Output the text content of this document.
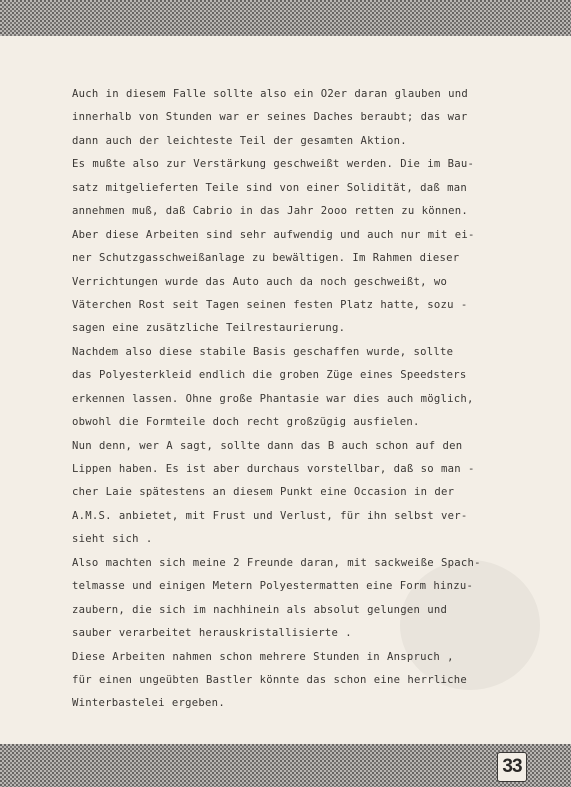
Auch in diesem Falle sollte also ein O2er daran glauben und
innerhalb von Stunden war er seines Daches beraubt; das war
dann auch der leichteste Teil der gesamten Aktion.
Es mußte also zur Verstärkung geschweißt werden. Die im Bau-
satz mitgelieferten Teile sind von einer Solidität, daß man
annehmen muß, daß Cabrio in das Jahr 2ooo retten zu können.
Aber diese Arbeiten sind sehr aufwendig und auch nur mit ei-
ner Schutzgasschweißanlage zu bewältigen. Im Rahmen dieser
Verrichtungen wurde das Auto auch da noch geschweißt, wo
Väterchen Rost seit Tagen seinen festen Platz hatte, sozu -
sagen eine zusätzliche Teilrestaurierung.
Nachdem also diese stabile Basis geschaffen wurde, sollte
das Polyesterkleid endlich die groben Züge eines Speedsters
erkennen lassen. Ohne große Phantasie war dies auch möglich,
obwohl die Formteile doch recht großzügig ausfielen.
Nun denn, wer A sagt, sollte dann das B auch schon auf den
Lippen haben. Es ist aber durchaus vorstellbar, daß so man -
cher Laie spätestens an diesem Punkt eine Occasion in der
A.M.S. anbietet, mit Frust und Verlust, für ihn selbst ver-
sieht sich .
Also machten sich meine 2 Freunde daran, mit sackweiße Spach-
telmasse und einigen Metern Polyestermatten eine Form hinzu-
zaubern, die sich im nachhinein als absolut gelungen und
sauber verarbeitet herauskristallisierte .
Diese Arbeiten nahmen schon mehrere Stunden in Anspruch ,
für einen ungeübten Bastler könnte das schon eine herrliche
Winterbastelei ergeben.
33
